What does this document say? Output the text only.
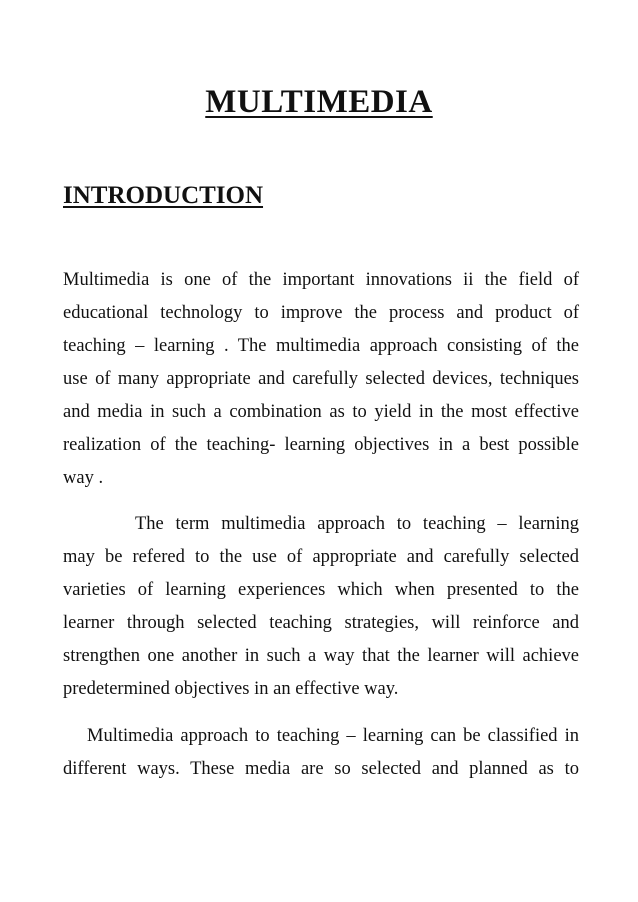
MULTIMEDIA
INTRODUCTION
Multimedia is one of the important innovations ii the field of
educational technology to improve the process and product of
teaching – learning . The multimedia approach consisting of the
use of many appropriate and carefully selected devices, techniques
and media in such a combination as to yield in the most effective
realization of the teaching- learning objectives in a best possible
way .
The term multimedia approach to teaching – learning
may be refered to the use of appropriate and carefully selected
varieties of learning experiences which when presented to the
learner through selected teaching strategies, will reinforce and
strengthen one another in such a way that the learner will achieve
predetermined objectives in an effective way.
Multimedia approach to teaching – learning can be classified in
different ways. These media are so selected and planned as to
